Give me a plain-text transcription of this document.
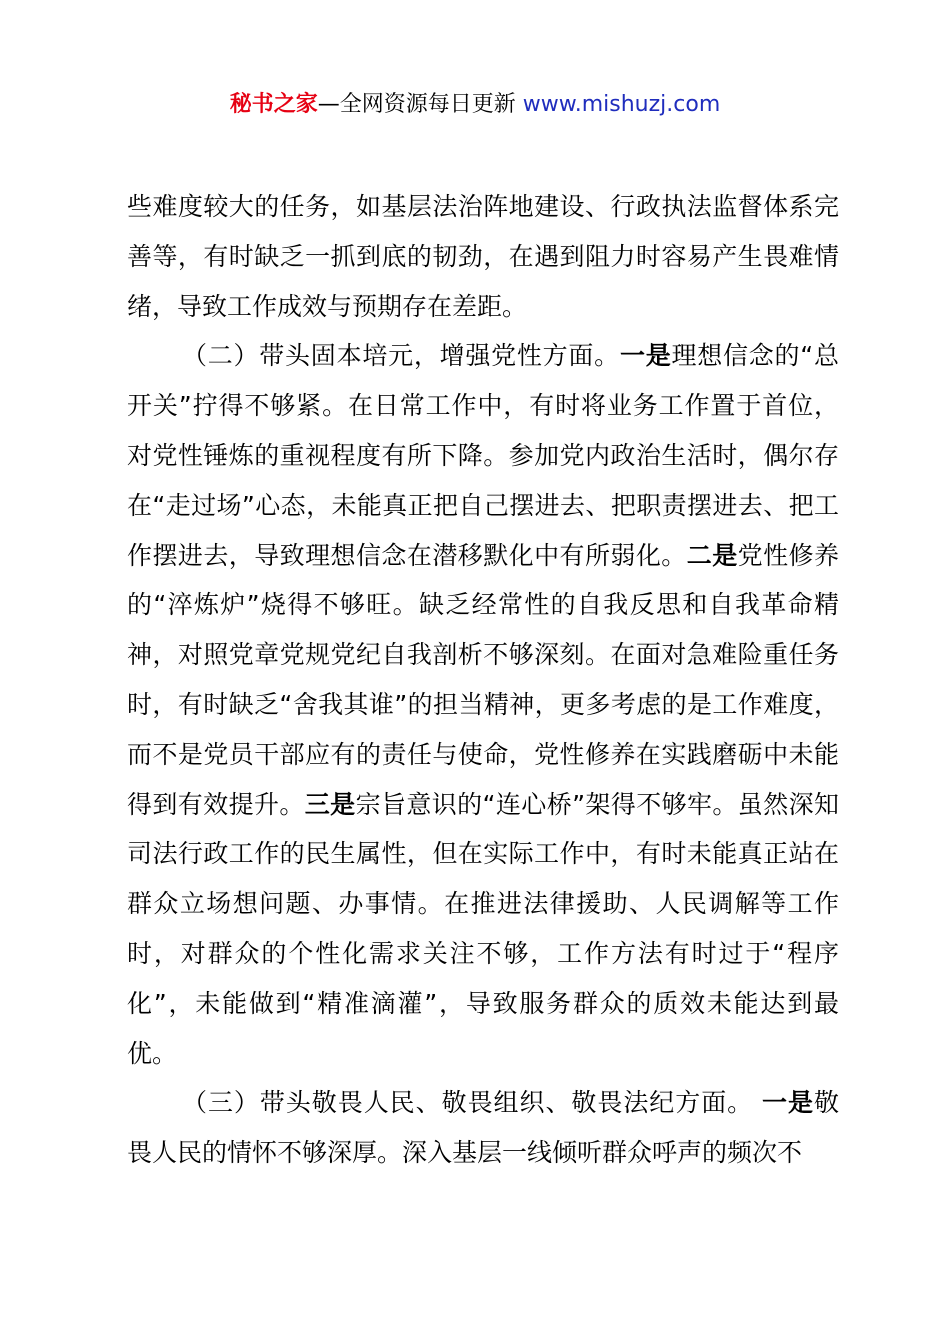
秘书之家—全网资源每日更新 www.mishuzj.com

些难度较大的任务，如基层法治阵地建设、行政执法监督体系完善等，有时缺乏一抓到底的韧劲，在遇到阻力时容易产生畏难情绪，导致工作成效与预期存在差距。

（二）带头固本培元，增强党性方面。一是理想信念的“总开关”拧得不够紧。在日常工作中，有时将业务工作置于首位，对党性锤炼的重视程度有所下降。参加党内政治生活时，偶尔存在“走过场”心态，未能真正把自己摆进去、把职责摆进去、把工作摆进去，导致理想信念在潜移默化中有所弱化。二是党性修养的“淬炼炉”烧得不够旺。缺乏经常性的自我反思和自我革命精神，对照党章党规党纪自我剖析不够深刻。在面对急难险重任务时，有时缺乏“舍我其谁”的担当精神，更多考虑的是工作难度，而不是党员干部应有的责任与使命，党性修养在实践磨砺中未能得到有效提升。三是宗旨意识的“连心桥”架得不够牢。虽然深知司法行政工作的民生属性，但在实际工作中，有时未能真正站在群众立场想问题、办事情。在推进法律援助、人民调解等工作时，对群众的个性化需求关注不够，工作方法有时过于“程序化”，未能做到“精准滴灌”，导致服务群众的质效未能达到最优。

（三）带头敬畏人民、敬畏组织、敬畏法纪方面。 一是敬畏人民的情怀不够深厚。深入基层一线倾听群众呼声的频次不
